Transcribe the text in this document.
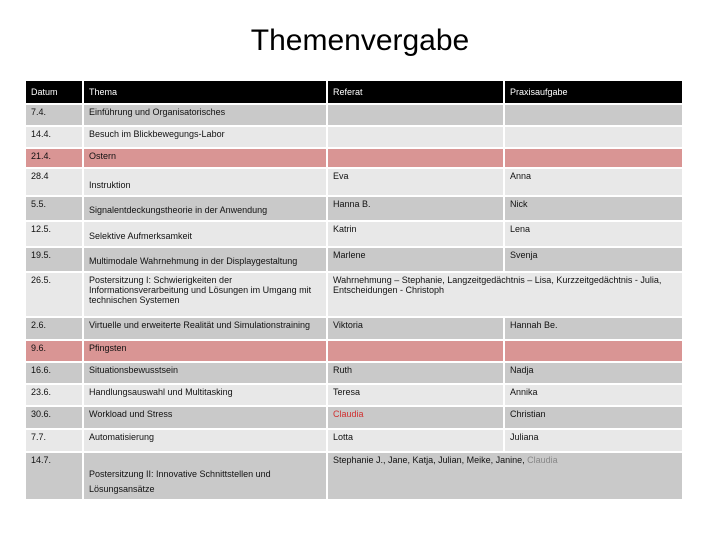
Themenvergabe
Datum	Thema	Referat	Praxisaufgabe
7.4.	Einführung und Organisatorisches		
14.4.	Besuch im Blickbewegungs-Labor		
21.4.	Ostern		
28.4	Instruktion	Eva	Anna
5.5.	Signalentdeckungstheorie in der Anwendung	Hanna B.	Nick
12.5.	Selektive Aufmerksamkeit	Katrin	Lena
19.5.	Multimodale Wahrnehmung in der Displaygestaltung	Marlene	Svenja
26.5.	Postersitzung I: Schwierigkeiten der Informationsverarbeitung und Lösungen im Umgang mit technischen Systemen	Wahrnehmung – Stephanie, Langzeitgedächtnis – Lisa, Kurzzeitgedächtnis - Julia, Entscheidungen - Christoph	
2.6.	Virtuelle und erweiterte Realität und Simulationstraining	Viktoria	Hannah Be.
9.6.	Pfingsten		
16.6.	Situationsbewusstsein	Ruth	Nadja
23.6.	Handlungsauswahl und Multitasking	Teresa	Annika
30.6.	Workload und Stress	Claudia	Christian
7.7.	Automatisierung	Lotta	Juliana
14.7.	Postersitzung II: Innovative Schnittstellen und Lösungsansätze	Stephanie J., Jane, Katja, Julian, Meike, Janine, Claudia	
